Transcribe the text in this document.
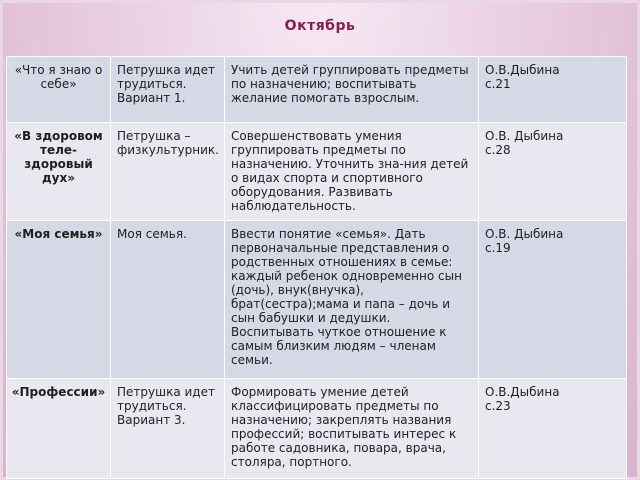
Октябрь
«Что я знаю о себе»	Петрушка идет трудиться. Вариант 1.	Учить детей группировать предметы по назначению; воспитывать желание помогать взрослым.	О.В.Дыбина
с.21

«В здоровом теле- здоровый дух»	Петрушка – физкультурник.	Совершенствовать умения группировать предметы по назначению. Уточнить зна-ния детей о видах спорта и спортивного оборудования. Развивать наблюдательность.	О.В. Дыбина
с.28

«Моя семья»	Моя семья.	Ввести понятие «семья». Дать первоначальные представления о родственных отношениях в семье: каждый ребенок одновременно сын (дочь), внук(внучка), брат(сестра);мама и папа – дочь и сын бабушки и дедушки. Воспитывать чуткое отношение к самым близким людям – членам семьи.	О.В. Дыбина
с.19

«Профессии»	Петрушка идет трудиться. Вариант 3.	Формировать умение детей классифицировать предметы по назначению; закреплять названия профессий; воспитывать интерес к работе садовника, повара, врача, столяра, портного.	О.В.Дыбина
с.23
